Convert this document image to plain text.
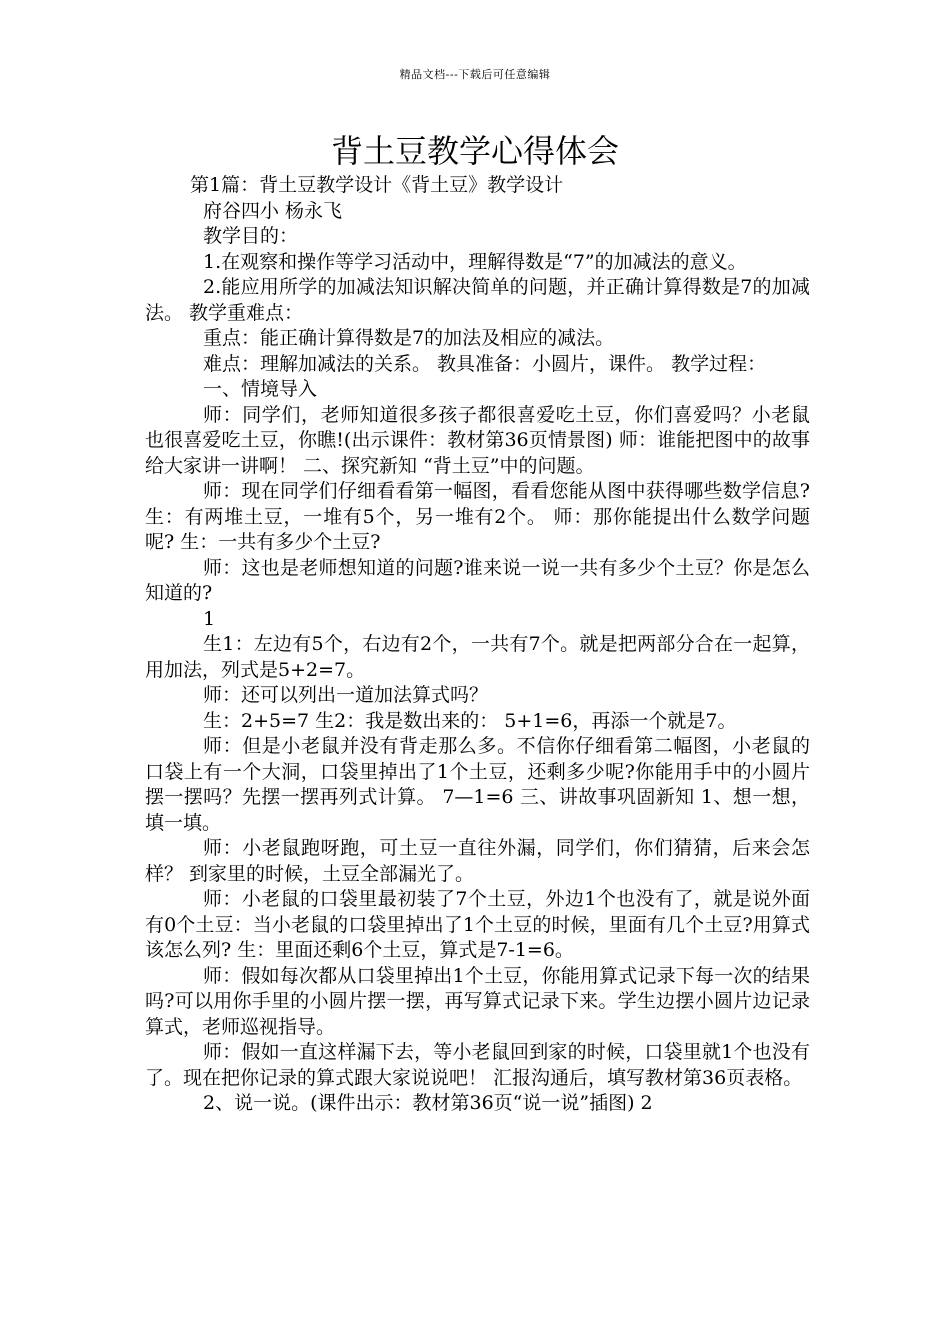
精品文档---下载后可任意编辑
背土豆教学心得体会

第1篇：背土豆教学设计《背土豆》教学设计

府谷四小 杨永飞

教学目的：

1.在观察和操作等学习活动中，理解得数是“7”的加减法的意义。

2.能应用所学的加减法知识解决简单的问题，并正确计算得数是7的加减法。 教学重难点：

重点：能正确计算得数是7的加法及相应的减法。

难点：理解加减法的关系。 教具准备：小圆片，课件。 教学过程：

一、情境导入

师：同学们，老师知道很多孩子都很喜爱吃土豆，你们喜爱吗？小老鼠也很喜爱吃土豆，你瞧!(出示课件：教材第36页情景图) 师：谁能把图中的故事给大家讲一讲啊！ 二、探究新知 “背土豆”中的问题。

师：现在同学们仔细看看第一幅图，看看您能从图中获得哪些数学信息? 生：有两堆土豆，一堆有5个，另一堆有2个。 师：那你能提出什么数学问题呢? 生：一共有多少个土豆?

师：这也是老师想知道的问题?谁来说一说一共有多少个土豆？你是怎么知道的?

1

生1：左边有5个，右边有2个，一共有7个。就是把两部分合在一起算，用加法，列式是5+2=7。

师：还可以列出一道加法算式吗？

生：2+5=7 生2：我是数出来的： 5+1=6，再添一个就是7。

师：但是小老鼠并没有背走那么多。不信你仔细看第二幅图，小老鼠的口袋上有一个大洞，口袋里掉出了1个土豆，还剩多少呢?你能用手中的小圆片摆一摆吗？先摆一摆再列式计算。 7—1=6 三、讲故事巩固新知 1、想一想，填一填。

师：小老鼠跑呀跑，可土豆一直往外漏，同学们，你们猜猜，后来会怎样？ 到家里的时候，土豆全部漏光了。

师：小老鼠的口袋里最初装了7个土豆，外边1个也没有了，就是说外面有0个土豆：当小老鼠的口袋里掉出了1个土豆的时候，里面有几个土豆?用算式该怎么列? 生：里面还剩6个土豆，算式是7-1=6。

师：假如每次都从口袋里掉出1个土豆，你能用算式记录下每一次的结果吗?可以用你手里的小圆片摆一摆，再写算式记录下来。学生边摆小圆片边记录算式，老师巡视指导。

师：假如一直这样漏下去，等小老鼠回到家的时候，口袋里就1个也没有了。现在把你记录的算式跟大家说说吧！ 汇报沟通后，填写教材第36页表格。

2、说一说。(课件出示：教材第36页“说一说”插图) 2
